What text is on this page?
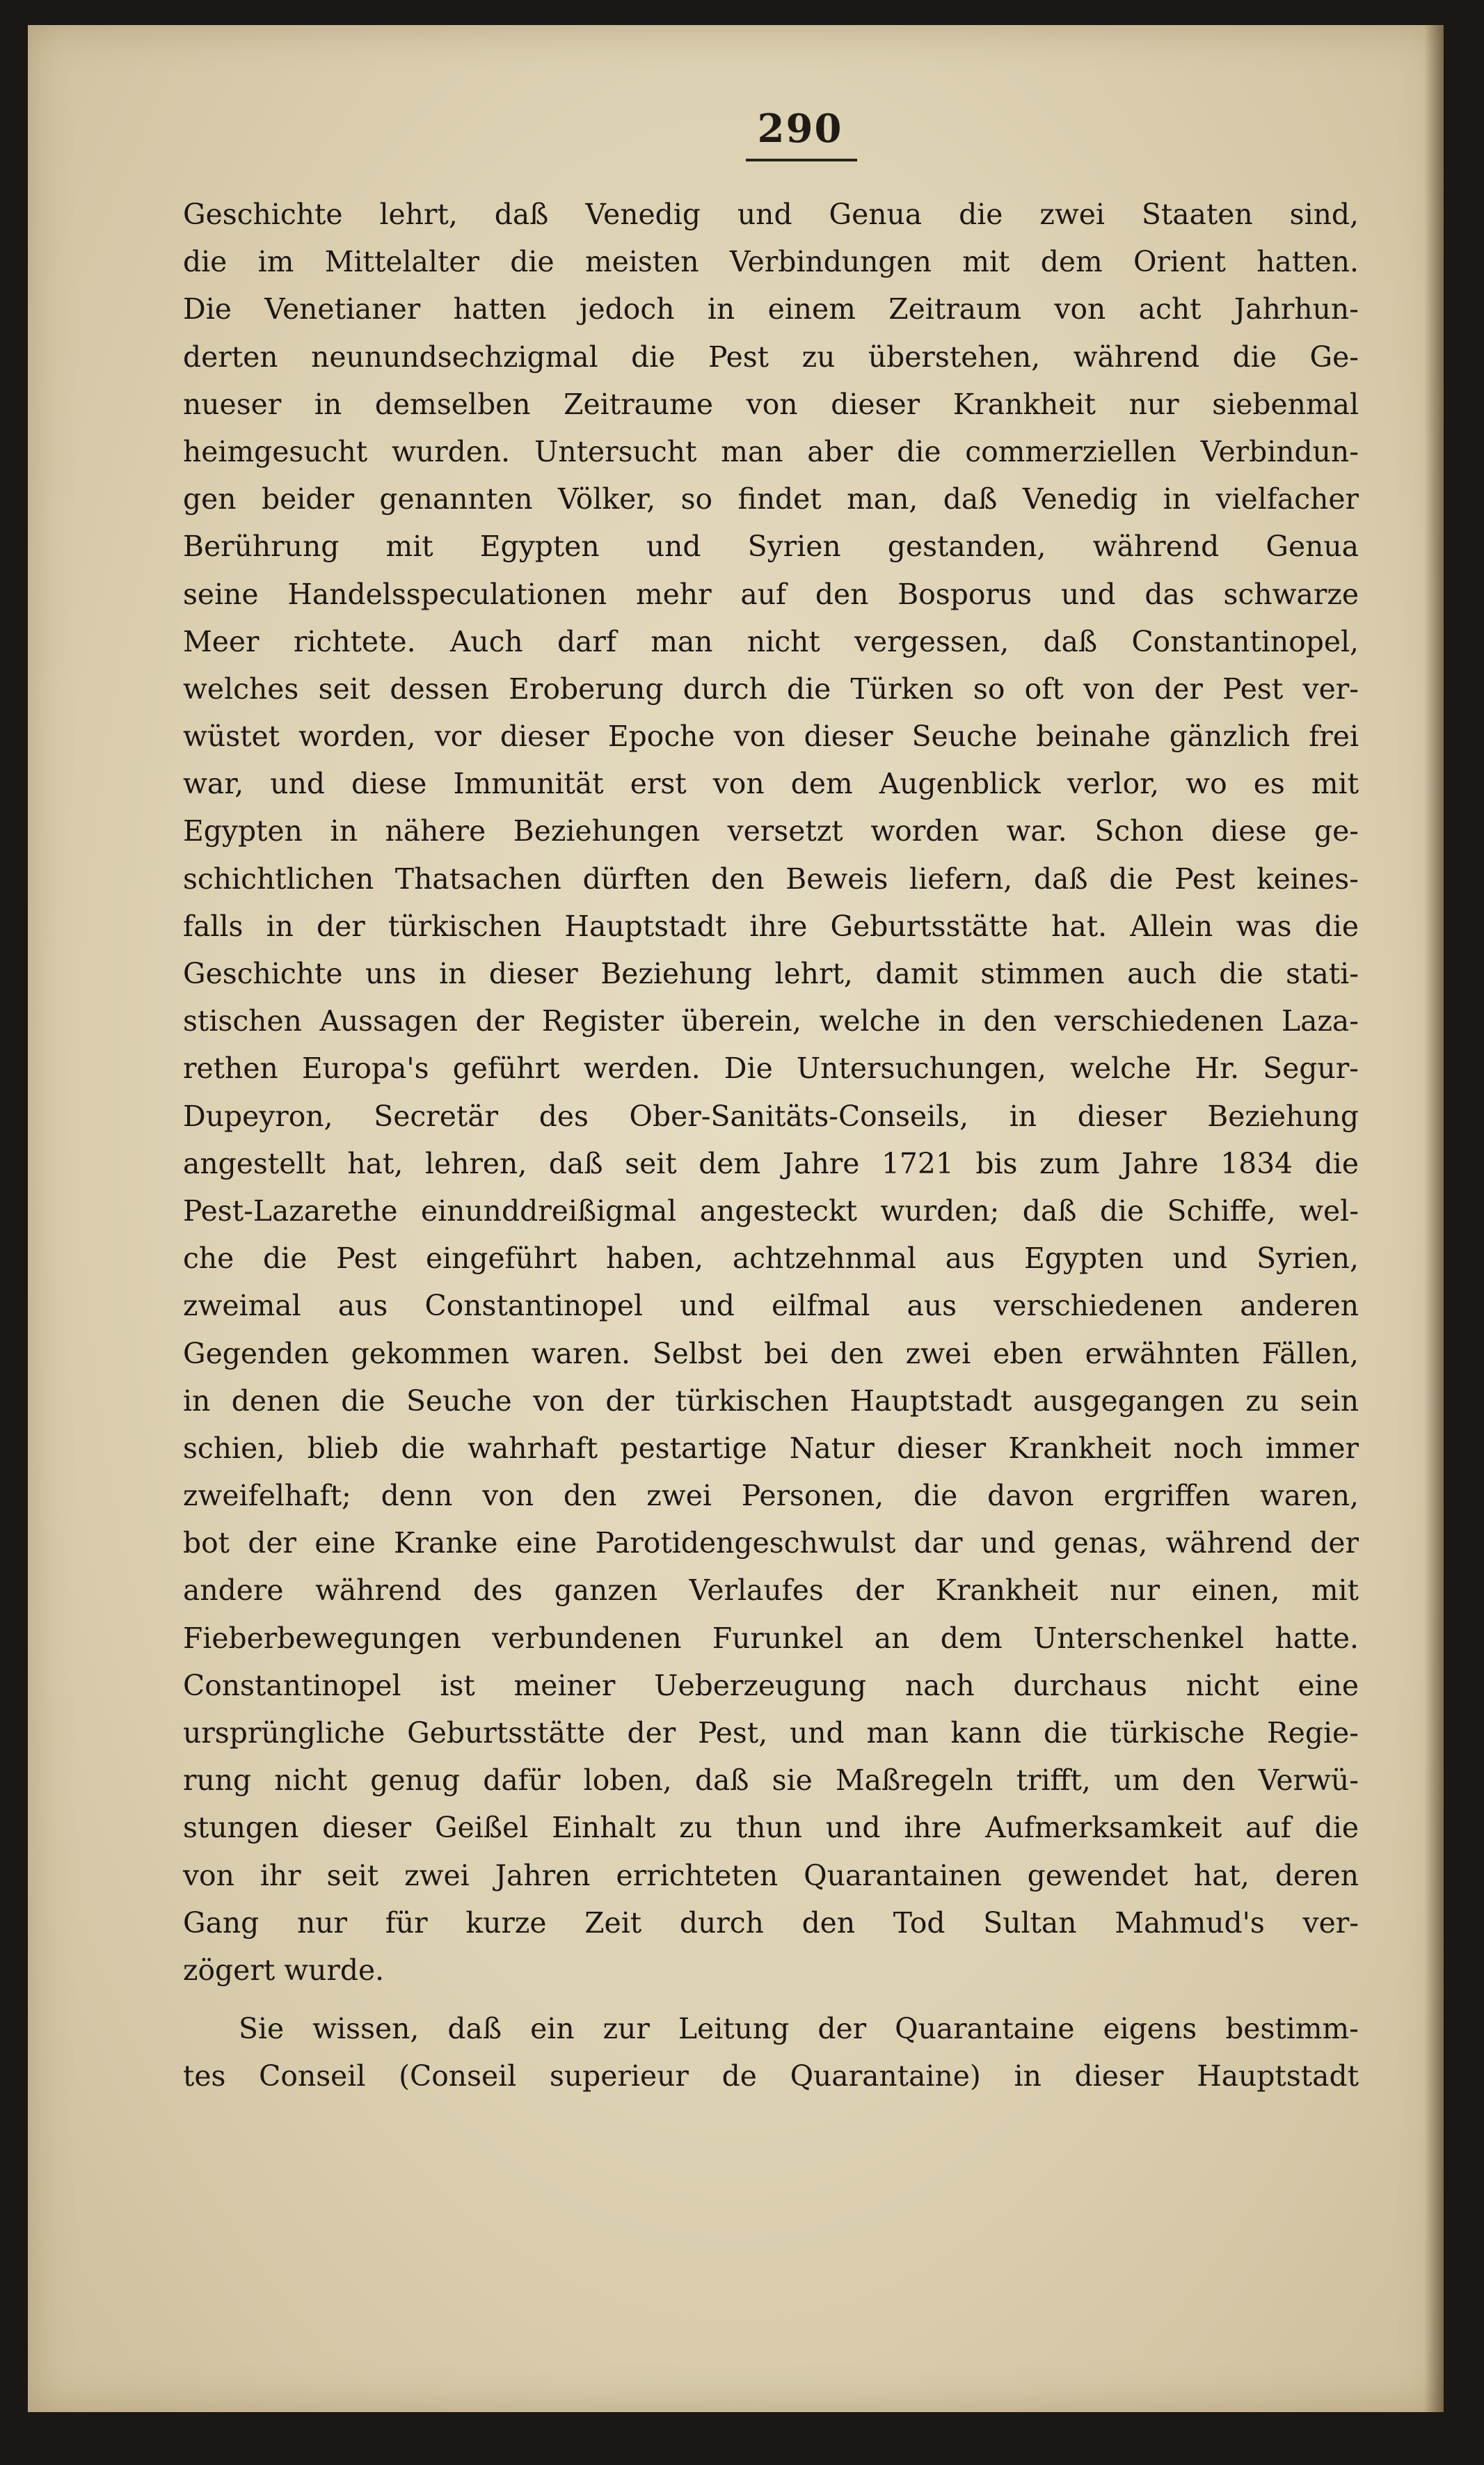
290
Geschichte lehrt, daß Venedig und Genua die zwei Staaten sind,
die im Mittelalter die meisten Verbindungen mit dem Orient hatten.
Die Venetianer hatten jedoch in einem Zeitraum von acht Jahrhun-
derten neunundsechzigmal die Pest zu überstehen, während die Ge-
nueser in demselben Zeitraume von dieser Krankheit nur siebenmal
heimgesucht wurden. Untersucht man aber die commerziellen Verbindun-
gen beider genannten Völker, so findet man, daß Venedig in vielfacher
Berührung mit Egypten und Syrien gestanden, während Genua
seine Handelsspeculationen mehr auf den Bosporus und das schwarze
Meer richtete. Auch darf man nicht vergessen, daß Constantinopel,
welches seit dessen Eroberung durch die Türken so oft von der Pest ver-
wüstet worden, vor dieser Epoche von dieser Seuche beinahe gänzlich frei
war, und diese Immunität erst von dem Augenblick verlor, wo es mit
Egypten in nähere Beziehungen versetzt worden war. Schon diese ge-
schichtlichen Thatsachen dürften den Beweis liefern, daß die Pest keines-
falls in der türkischen Hauptstadt ihre Geburtsstätte hat. Allein was die
Geschichte uns in dieser Beziehung lehrt, damit stimmen auch die stati-
stischen Aussagen der Register überein, welche in den verschiedenen Laza-
rethen Europa's geführt werden. Die Untersuchungen, welche Hr. Segur-
Dupeyron, Secretär des Ober-Sanitäts-Conseils, in dieser Beziehung
angestellt hat, lehren, daß seit dem Jahre 1721 bis zum Jahre 1834 die
Pest-Lazarethe einunddreißigmal angesteckt wurden; daß die Schiffe, wel-
che die Pest eingeführt haben, achtzehnmal aus Egypten und Syrien,
zweimal aus Constantinopel und eilfmal aus verschiedenen anderen
Gegenden gekommen waren. Selbst bei den zwei eben erwähnten Fällen,
in denen die Seuche von der türkischen Hauptstadt ausgegangen zu sein
schien, blieb die wahrhaft pestartige Natur dieser Krankheit noch immer
zweifelhaft; denn von den zwei Personen, die davon ergriffen waren,
bot der eine Kranke eine Parotidengeschwulst dar und genas, während der
andere während des ganzen Verlaufes der Krankheit nur einen, mit
Fieberbewegungen verbundenen Furunkel an dem Unterschenkel hatte.
Constantinopel ist meiner Ueberzeugung nach durchaus nicht eine
ursprüngliche Geburtsstätte der Pest, und man kann die türkische Regie-
rung nicht genug dafür loben, daß sie Maßregeln trifft, um den Verwü-
stungen dieser Geißel Einhalt zu thun und ihre Aufmerksamkeit auf die
von ihr seit zwei Jahren errichteten Quarantainen gewendet hat, deren
Gang nur für kurze Zeit durch den Tod Sultan Mahmud's ver-
zögert wurde.
Sie wissen, daß ein zur Leitung der Quarantaine eigens bestimm-
tes Conseil (Conseil superieur de Quarantaine) in dieser Hauptstadt
